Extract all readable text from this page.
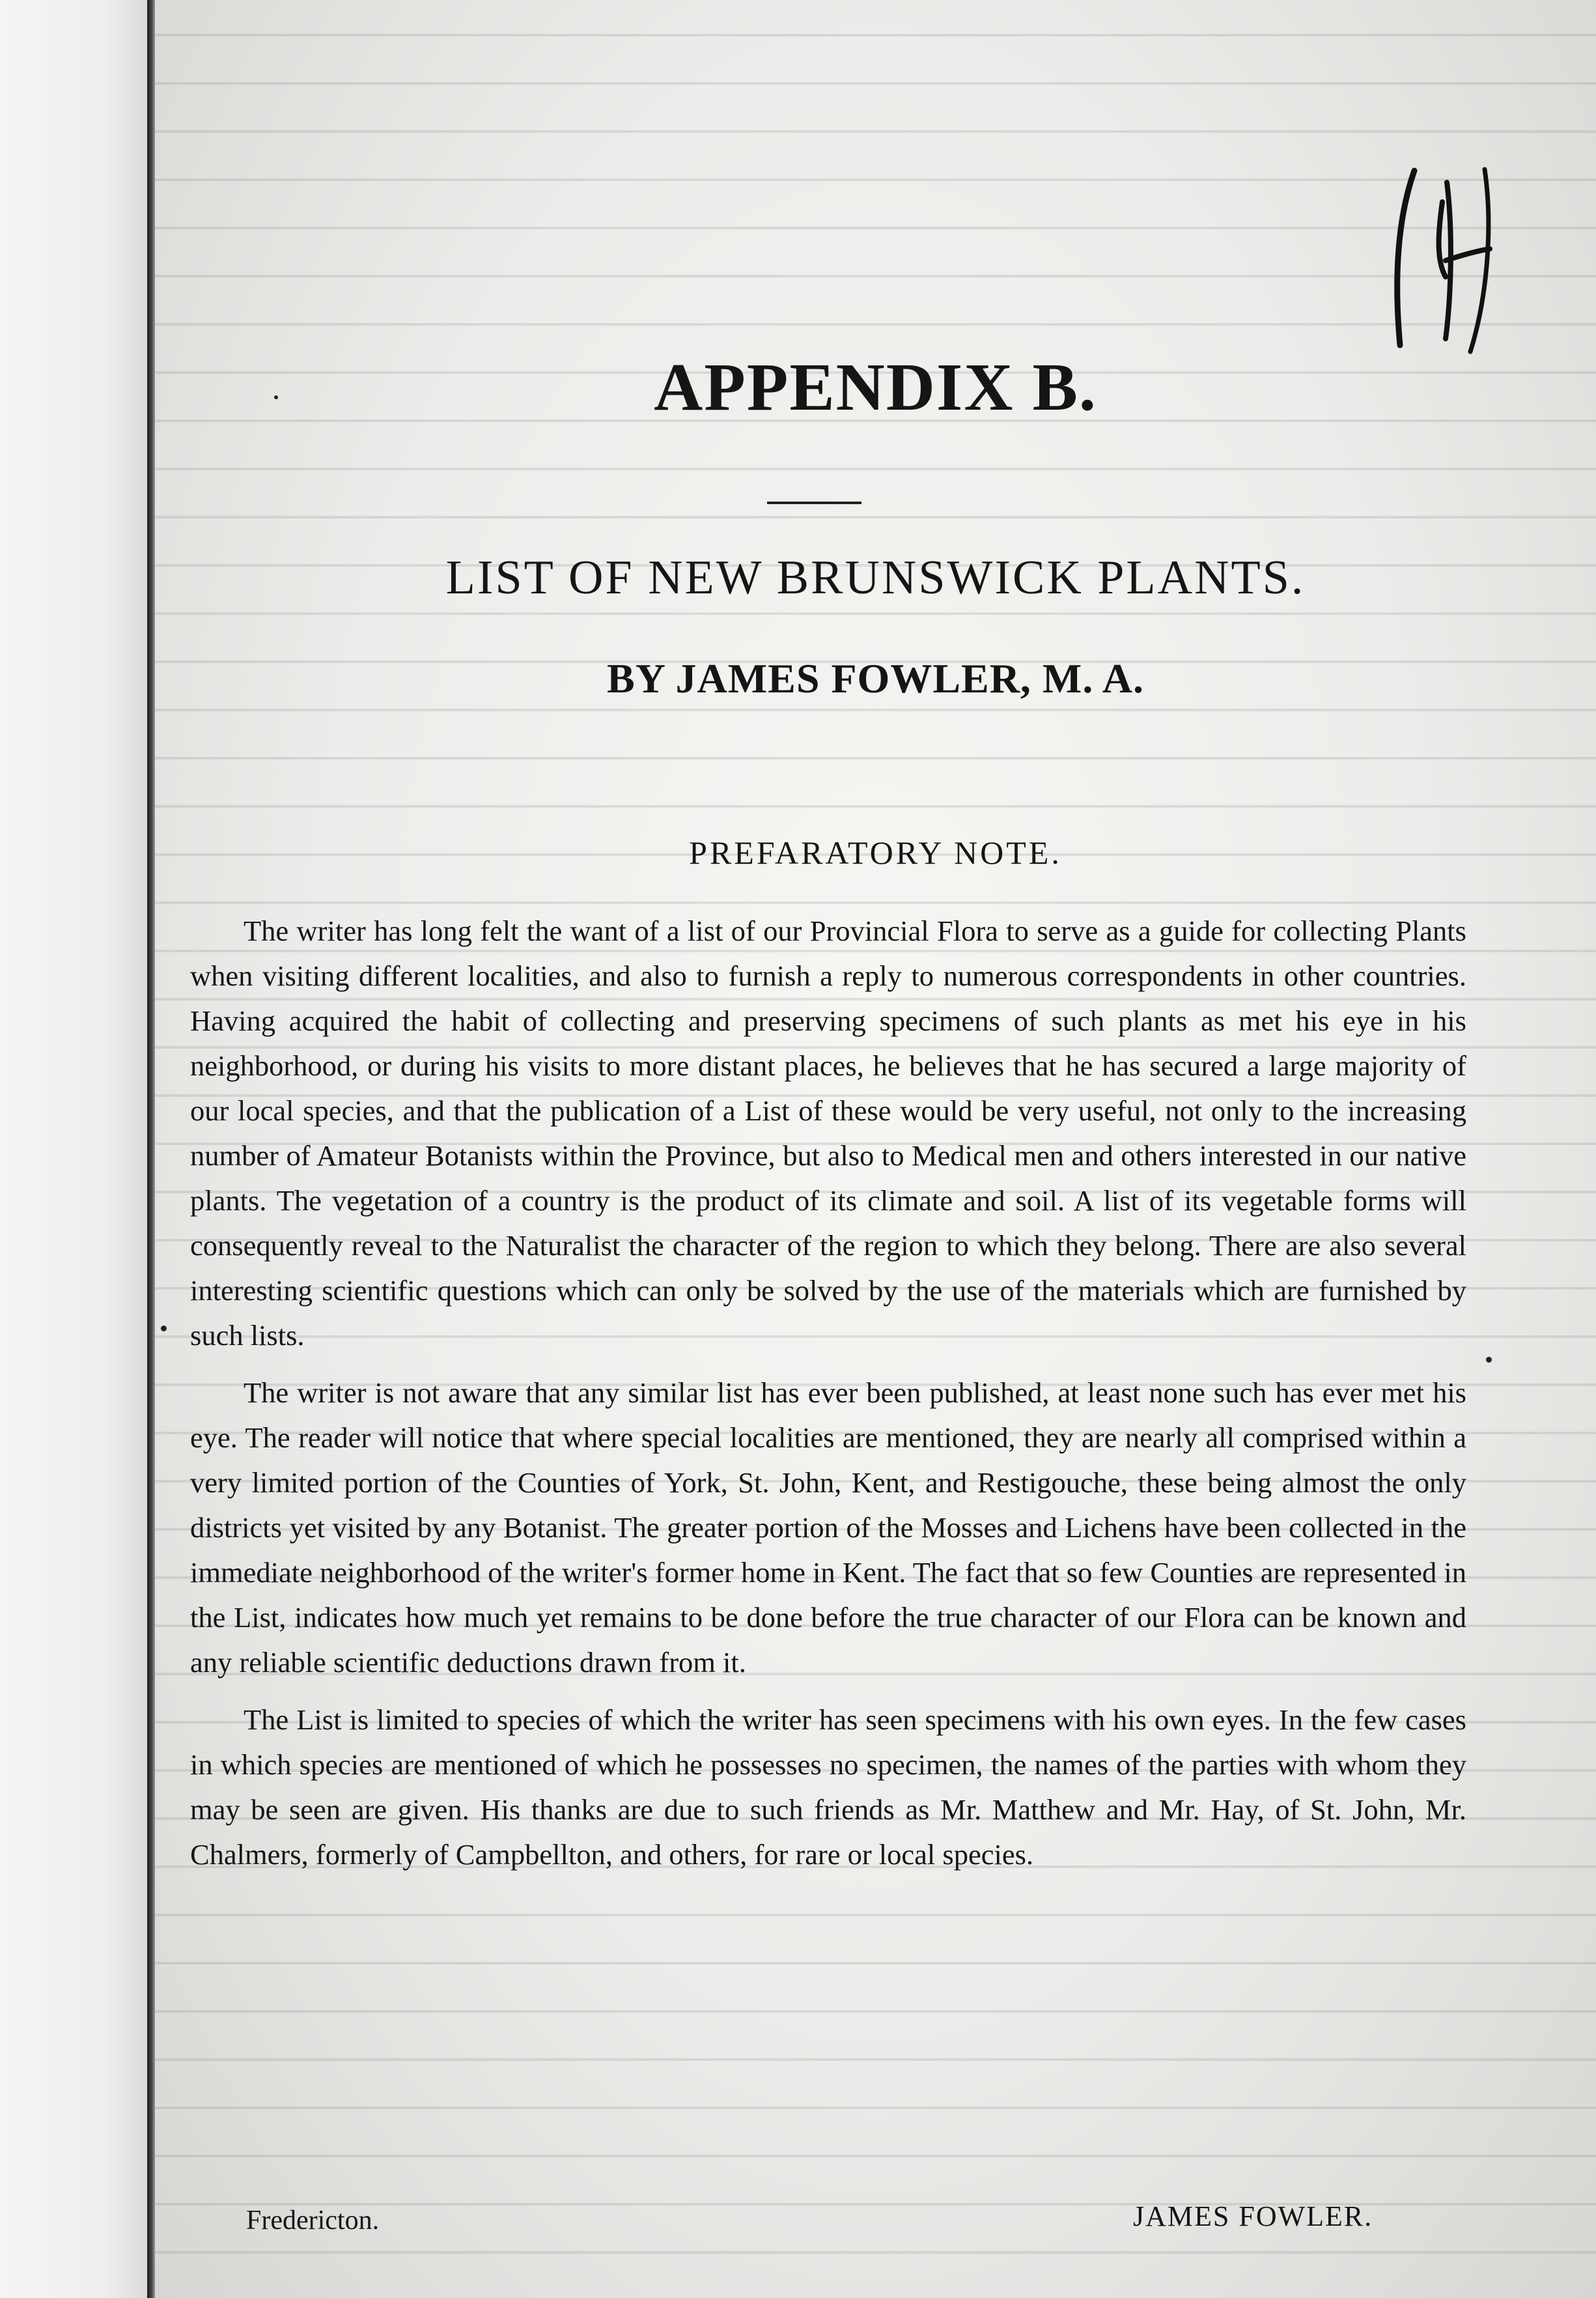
APPENDIX B.
LIST OF NEW BRUNSWICK PLANTS.
BY JAMES FOWLER, M. A.
PREFARATORY NOTE.

The writer has long felt the want of a list of our Provincial Flora to serve as a guide for collecting Plants when visiting different localities, and also to furnish a reply to numerous correspondents in other countries. Having acquired the habit of collecting and preserving specimens of such plants as met his eye in his neighborhood, or during his visits to more distant places, he believes that he has secured a large majority of our local species, and that the publication of a List of these would be very useful, not only to the increasing number of Amateur Botanists within the Province, but also to Medical men and others interested in our native plants. The vegetation of a country is the product of its climate and soil. A list of its vegetable forms will consequently reveal to the Naturalist the character of the region to which they belong. There are also several interesting scientific questions which can only be solved by the use of the materials which are furnished by such lists.

The writer is not aware that any similar list has ever been published, at least none such has ever met his eye. The reader will notice that where special localities are mentioned, they are nearly all comprised within a very limited portion of the Counties of York, St. John, Kent, and Restigouche, these being almost the only districts yet visited by any Botanist. The greater portion of the Mosses and Lichens have been collected in the immediate neighborhood of the writer's former home in Kent. The fact that so few Counties are represented in the List, indicates how much yet remains to be done before the true character of our Flora can be known and any reliable scientific deductions drawn from it.

The List is limited to species of which the writer has seen specimens with his own eyes. In the few cases in which species are mentioned of which he possesses no specimen, the names of the parties with whom they may be seen are given. His thanks are due to such friends as Mr. Matthew and Mr. Hay, of St. John, Mr. Chalmers, formerly of Campbellton, and others, for rare or local species.

Fredericton.	JAMES FOWLER.
